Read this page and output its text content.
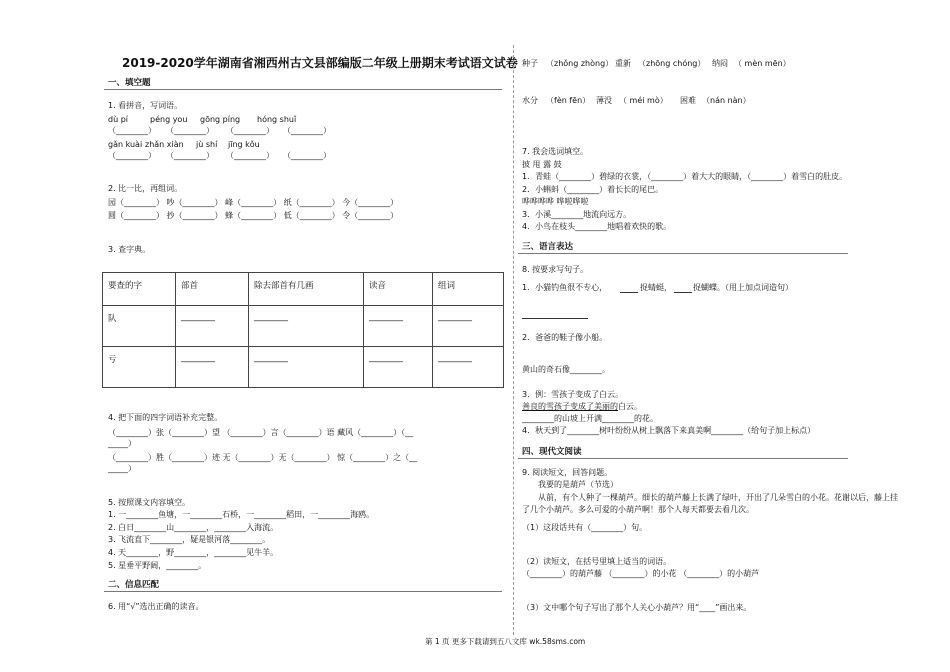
2019-2020学年湖南省湘西州古文县部编版二年级上册期末考试语文试卷
一、填空题
1. 看拼音，写词语。
dù pí	péng you gōng píng hóng shuǐ
（________） （________） （________） （________）
gǎn kuài zhǎn xiàn jù shí jīng kǒu
（________） （________） （________） （________）
2. 比一比，再组词。
园（________） 吵（________） 峰（________） 纸（________） 今（________）
圆（________） 抄（________） 蜂（________） 低（________） 令（________）
3. 查字典。
要查的字	部首	除去部首有几画	读音	组词
队	________	________	________	________
亏	________	________	________	________
4. 把下面的四字词语补充完整。
（________）张（________）望 （________）言（________）语 藏风（________）（__
_____）
（________）胜（________）迹 无（________）无（________） 惊（________）之（__
_____）
5. 按照课文内容填空。
1. 一________鱼塘，一________石桥，一________稻田，一________海鸥。
2. 白日________山________，________入海流。
3. 飞流直下________，疑是银河落________。
4. 天________，野________，________见牛羊。
5. 星垂平野阔，________。
二、信息匹配
6. 用“√”选出正确的读音。
种子 （zhǒng zhòng） 重新 （zhōng chóng） 纳闷 （ mèn mēn）
水分 （fèn fēn） 薄没 （ méi mò） 困难 （nán nàn）
7. 我会选词填空。
披 甩 露 鼓
1．青蛙（________）碧绿的衣裳，（________）着大大的眼睛，（________）着雪白的肚皮。
2．小蝌蚪（________）着长长的尾巴。
哗哗哗哗 哗啦哗啦
3．小溪________地流向远方。
4．小鸟在枝头________地唱着欢快的歌。
三、语言表达
8. 按要求写句子。
1．小猫钓鱼很不专心，	捉蜻蜓，	捉蝴蝶。（用上加点词造句）
2．爸爸的鞋子像小船。
黄山的奇石像________。
3．例：雪孩子变成了白云。
善良的雪孩子变成了美丽的白云。
________的山坡上开满________的花。
4．秋天到了________树叶纷纷从树上飘落下来真美啊________（给句子加上标点）
四、现代文阅读
9. 阅读短文，回答问题。
我要的是葫芦（节选）
从前，有个人种了一棵葫芦。细长的葫芦藤上长满了绿叶，开出了几朵雪白的小花。花谢以后，藤上挂
了几个小葫芦。多么可爱的小葫芦啊！那个人每天都要去看几次。
（1）这段话共有（________）句。
（2）读短文，在括号里填上适当的词语。
（________）的葫芦藤 （________）的小花 （________）的小葫芦
（3）文中哪个句子写出了那个人关心小葫芦？用“____”画出来。
第 1 页 更多下载请到五八文库 wk.58sms.com
